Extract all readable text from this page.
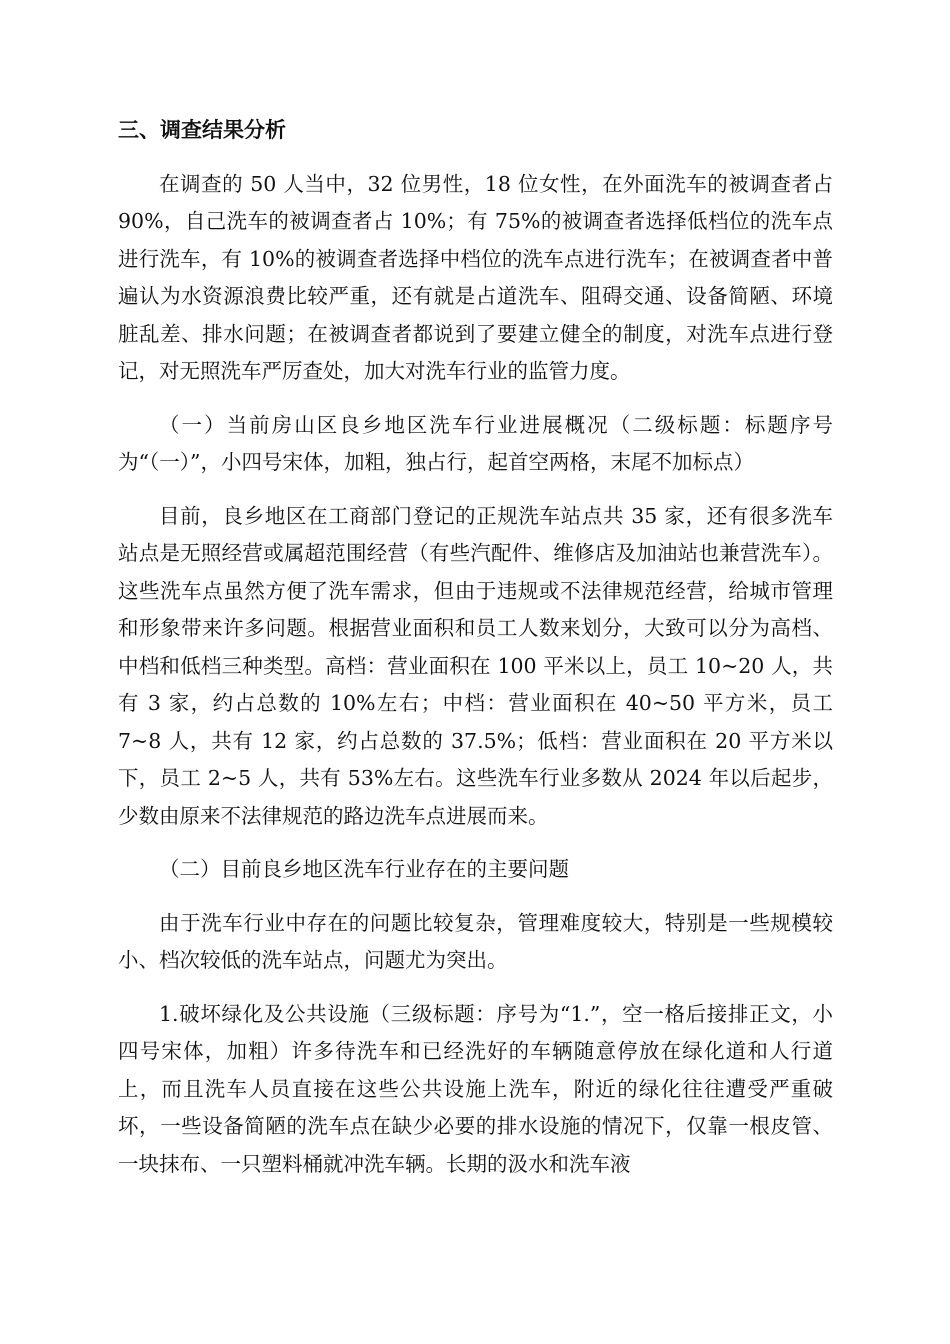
三、调查结果分析

在调查的 50 人当中，32 位男性，18 位女性，在外面洗车的被调查者占 90%，自己洗车的被调查者占 10%；有 75%的被调查者选择低档位的洗车点进行洗车，有 10%的被调查者选择中档位的洗车点进行洗车；在被调查者中普遍认为水资源浪费比较严重，还有就是占道洗车、阻碍交通、设备简陋、环境脏乱差、排水问题；在被调查者都说到了要建立健全的制度，对洗车点进行登记，对无照洗车严厉查处，加大对洗车行业的监管力度。

（一）当前房山区良乡地区洗车行业进展概况（二级标题：标题序号为“（一）”，小四号宋体，加粗，独占行，起首空两格，末尾不加标点）

目前，良乡地区在工商部门登记的正规洗车站点共 35 家，还有很多洗车站点是无照经营或属超范围经营（有些汽配件、维修店及加油站也兼营洗车）。这些洗车点虽然方便了洗车需求，但由于违规或不法律规范经营，给城市管理和形象带来许多问题。根据营业面积和员工人数来划分，大致可以分为高档、中档和低档三种类型。高档：营业面积在 100 平米以上，员工 10~20 人，共有 3 家，约占总数的 10%左右；中档：营业面积在 40~50 平方米，员工 7~8 人，共有 12 家，约占总数的 37.5%；低档：营业面积在 20 平方米以下，员工 2~5 人，共有 53%左右。这些洗车行业多数从 2024 年以后起步，少数由原来不法律规范的路边洗车点进展而来。

（二）目前良乡地区洗车行业存在的主要问题

由于洗车行业中存在的问题比较复杂，管理难度较大，特别是一些规模较小、档次较低的洗车站点，问题尤为突出。

1.破坏绿化及公共设施（三级标题：序号为“1.”，空一格后接排正文，小四号宋体，加粗）许多待洗车和已经洗好的车辆随意停放在绿化道和人行道上，而且洗车人员直接在这些公共设施上洗车，附近的绿化往往遭受严重破坏，一些设备简陋的洗车点在缺少必要的排水设施的情况下，仅靠一根皮管、一块抹布、一只塑料桶就冲洗车辆。长期的汲水和洗车液
